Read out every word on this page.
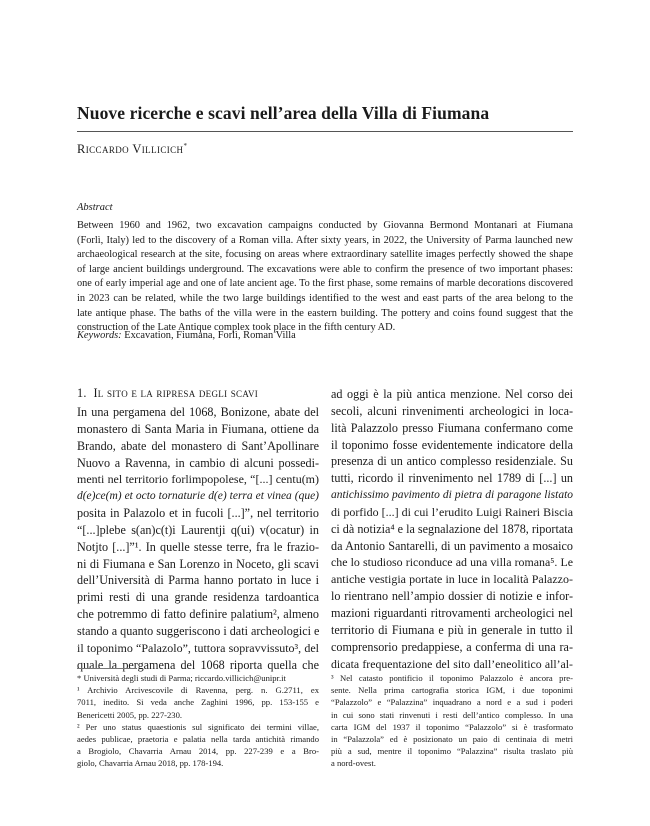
Nuove ricerche e scavi nell’area della Villa di Fiumana
Riccardo Villicich*
Abstract
Between 1960 and 1962, two excavation campaigns conducted by Giovanna Bermond Montanari at Fiumana
(Forlì, Italy) led to the discovery of a Roman villa. After sixty years, in 2022, the University of Parma launched new
archaeological research at the site, focusing on areas where extraordinary satellite images perfectly showed the shape
of large ancient buildings underground. The excavations were able to confirm the presence of two important phases:
one of early imperial age and one of late ancient age. To the first phase, some remains of marble decorations discovered
in 2023 can be related, while the two large buildings identified to the west and east parts of the area belong to the
late antique phase. The baths of the villa were in the eastern building. The pottery and coins found suggest that the
construction of the Late Antique complex took place in the fifth century AD.
Keywords: Excavation, Fiumana, Forlì, Roman Villa
1. Il sito e la ripresa degli scavi
In una pergamena del 1068, Bonizone, abate del
monastero di Santa Maria in Fiumana, ottiene da
Brando, abate del monastero di Sant’Apollinare
Nuovo a Ravenna, in cambio di alcuni possedi-
menti nel territorio forlimpopolese, “[...] centu(m)
d(e)ce(m) et octo tornaturie d(e) terra et vinea (que)
posita in Palazolo et in fucoli [...]”, nel territorio
“[...]plebe s(an)c(t)i Laurentji q(ui) v(ocatur) in
Notjto [...]”¹. In quelle stesse terre, fra le frazio-
ni di Fiumana e San Lorenzo in Noceto, gli scavi
dell’Università di Parma hanno portato in luce i
primi resti di una grande residenza tardoantica
che potremmo di fatto definire palatium², almeno
stando a quanto suggeriscono i dati archeologici e
il toponimo “Palazolo”, tuttora sopravvissuto³, del
quale la pergamena del 1068 riporta quella che
ad oggi è la più antica menzione. Nel corso dei
secoli, alcuni rinvenimenti archeologici in loca-
lità Palazzolo presso Fiumana confermano come
il toponimo fosse evidentemente indicatore della
presenza di un antico complesso residenziale. Su
tutti, ricordo il rinvenimento nel 1789 di [...] un
antichissimo pavimento di pietra di paragone listato
di porfido [...] di cui l’erudito Luigi Raineri Biscia
ci dà notizia⁴ e la segnalazione del 1878, riportata
da Antonio Santarelli, di un pavimento a mosaico
che lo studioso riconduce ad una villa romana⁵. Le
antiche vestigia portate in luce in località Palazzo-
lo rientrano nell’ampio dossier di notizie e infor-
mazioni riguardanti ritrovamenti archeologici nel
territorio di Fiumana e più in generale in tutto il
comprensorio predappiese, a conferma di una ra-
dicata frequentazione del sito dall’eneolitico all’al-
* Università degli studi di Parma; riccardo.villicich@unipr.it
¹ Archivio Arcivescovile di Ravenna, perg. n. G.2711, ex
7011, inedito. Si veda anche Zaghini 1996, pp. 153-155 e
Benericetti 2005, pp. 227-230.
² Per uno status quaestionis sul significato dei termini villae,
aedes publicae, praetoria e palatia nella tarda antichità rimando
a Brogiolo, Chavarria Arnau 2014, pp. 227-239 e a Bro-
giolo, Chavarria Arnau 2018, pp. 178-194.
³ Nel catasto pontificio il toponimo Palazzolo è ancora pre-
sente. Nella prima cartografia storica IGM, i due toponimi
“Palazzolo” e “Palazzina” inquadrano a nord e a sud i poderi
in cui sono stati rinvenuti i resti dell’antico complesso. In una
carta IGM del 1937 il toponimo “Palazzolo” si è trasformato
in “Palazzola” ed è posizionato un paio di centinaia di metri
più a sud, mentre il toponimo “Palazzina” risulta traslato più
a nord-ovest.
